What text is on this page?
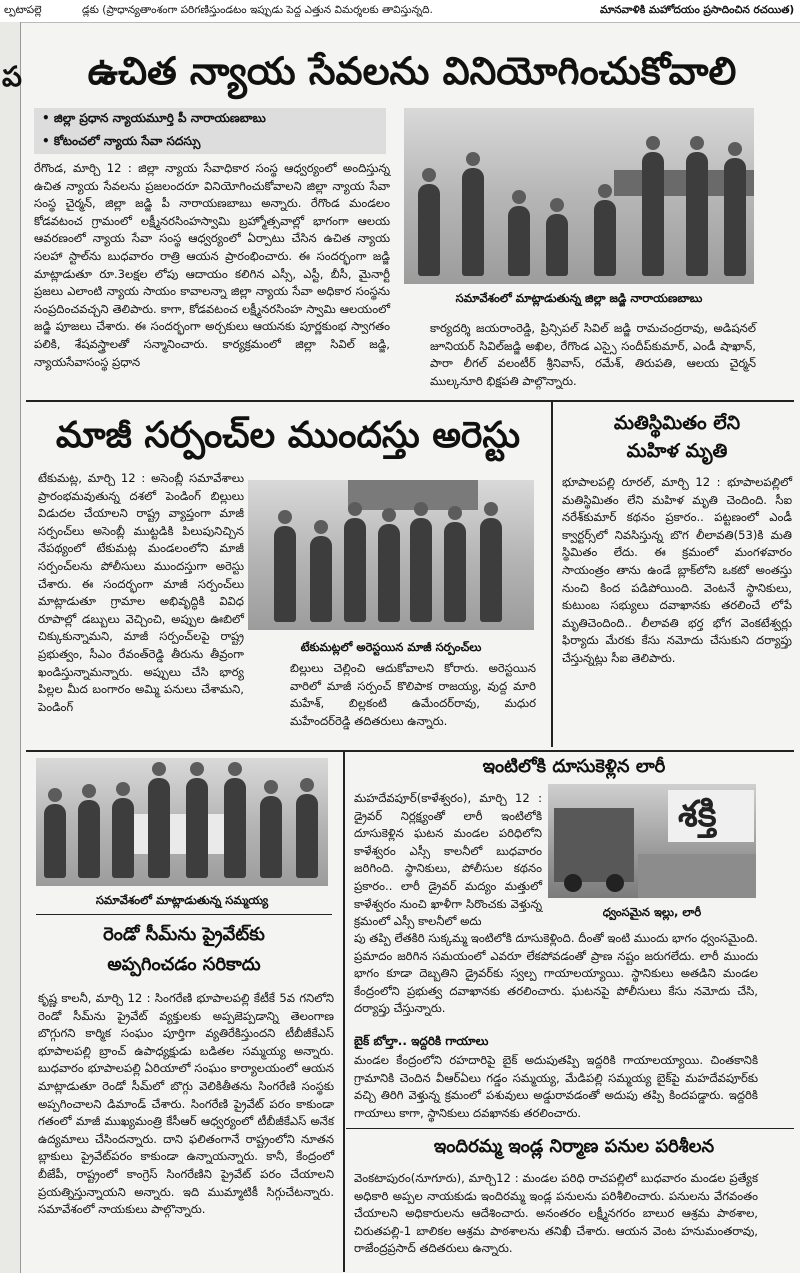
ల్పటాపల్లె	డ్లకు (ప్రాధాన్యతాంశంగా పరిగణిస్తుండటం ఇప్పుడు పెద్ద ఎత్తున విమర్శలకు తావిస్తున్నది.	మానవాళికి మహోదయం ప్రసాదించిన రచయిత)
ప	ఉచిత న్యాయ సేవలను వినియోగించుకోవాలి
• జిల్లా ప్రధాన న్యాయమూర్తి పీ నారాయణబాబు
• కోటంచలో న్యాయ సేవా సదస్సు
రేగొండ, మార్చి 12 : జిల్లా న్యాయ సేవాధికార సంస్థ ఆధ్వర్యంలో అందిస్తున్న ఉచిత న్యాయ సేవలను ప్రజలందరూ వినియోగించుకోవాలని జిల్లా న్యాయ సేవా సంస్థ చైర్మన్, జిల్లా జడ్జి పీ నారాయణబాబు అన్నారు. రేగొండ మండలం కోడవటంచ గ్రామంలో లక్ష్మీనరసింహస్వామి బ్రహ్మోత్సవాల్లో భాగంగా ఆలయ ఆవరణంలో న్యాయ సేవా సంస్థ ఆధ్వర్యంలో ఏర్పాటు చేసిన ఉచిత న్యాయ సలహా స్టాల్‌ను బుధవారం రాత్రి ఆయన ప్రారంభించారు. ఈ సందర్భంగా జడ్జి మాట్లాడుతూ రూ.3లక్షల లోపు ఆదాయం కలిగిన ఎస్సీ, ఎస్టీ, బీసీ, మైనార్టీ ప్రజలు ఎలాంటి న్యాయ సాయం కావాలన్నా జిల్లా న్యాయ సేవా అధికార సంస్థను సంప్రదించవచ్చని తెలిపారు. కాగా, కోడవటంచ లక్ష్మీనరసింహ స్వామి ఆలయంలో జడ్జి పూజలు చేశారు. ఈ సందర్భంగా అర్చకులు ఆయనకు పూర్ణకుంభ స్వాగతం పలికి, శేషవస్త్రాలతో సన్మానించారు. కార్యక్రమంలో జిల్లా సివిల్ జడ్జి, న్యాయసేవాసంస్థ ప్రధాన
సమావేశంలో మాట్లాడుతున్న జిల్లా జడ్జి నారాయణబాబు
కార్యదర్శి జయరాంరెడ్డి, ప్రిన్సిపల్ సివిల్ జడ్జి రామచంద్రరావు, అడిషనల్ జూనియర్ సివిల్‌జడ్జి అఖిల, రేగొండ ఎస్సై సందీప్‌కుమార్, ఎండీ షాఖాన్, పారా లీగల్ వలంటీర్ శ్రీనివాస్, రమేశ్, తిరుపతి, ఆలయ చైర్మన్ ముల్కనూరి భిక్షపతి పాల్గొన్నారు.
మాజీ సర్పంచ్‌ల ముందస్తు అరెస్టు
టేకుమట్ల, మార్చి 12 : అసెంబ్లీ సమావేశాలు ప్రారంభమవుతున్న దశలో పెండింగ్ బిల్లులు విడుదల చేయాలని రాష్ట్ర వ్యాప్తంగా మాజీ సర్పంచ్‌లు అసెంబ్లీ ముట్టడికి పిలుపునిచ్చిన నేపథ్యంలో టేకుమట్ల మండలంలోని మాజీ సర్పంచ్‌లను పోలీసులు ముందస్తుగా అరెస్టు చేశారు. ఈ సందర్భంగా మాజీ సర్పంచ్‌లు మాట్లాడుతూ గ్రామాల అభివృద్ధికి వివిధ రూపాల్లో డబ్బులు వెచ్చించి, అప్పుల ఊబిలో చిక్కుకున్నామని, మాజీ సర్పంచ్‌లపై రాష్ట్ర ప్రభుత్వం, సీఎం రేవంత్‌రెడ్డి తీరును తీవ్రంగా ఖండిస్తున్నామన్నారు. అప్పులు చేసి భార్య పిల్లల మీద బంగారం అమ్మి పనులు చేశామని, పెండింగ్
టేకుమట్లలో అరెస్టయిన మాజీ సర్పంచ్‌లు
బిల్లులు చెల్లించి ఆదుకోవాలని కోరారు. అరెస్టయిన వారిలో మాజీ సర్పంచ్ కొలిపాక రాజయ్య, వుద్ద మారి మహేశ్, బిల్లకంటి ఉమేందర్‌రావు, మధుర మహేందర్‌రెడ్డి తదితరులు ఉన్నారు.
మతిస్థిమితం లేని
మహిళ మృతి
భూపాలపల్లి రూరల్, మార్చి 12 : భూపాలపల్లిలో మతిస్థిమితం లేని మహిళ మృతి చెందింది. సీఐ నరేశ్‌కుమార్ కథనం ప్రకారం.. పట్టణంలో ఎండీ క్వార్టర్స్‌లో నివసిస్తున్న బొగ లీలావతి(53)కి మతి స్థిమితం లేదు. ఈ క్రమంలో మంగళవారం సాయంత్రం తాను ఉండే బ్లాక్‌లోని ఒకటో అంతస్తు నుంచి కింద పడిపోయింది. వెంటనే స్థానికులు, కుటుంబ సభ్యులు దవాఖానకు తరలించే లోపే మృతిచెందింది.. లీలావతి భర్త భోగ వెంకటేశ్వర్లు ఫిర్యాదు మేరకు కేసు నమోదు చేసుకుని దర్యాప్తు చేస్తున్నట్లు సీఐ తెలిపారు.
సమావేశంలో మాట్లాడుతున్న సమ్మయ్య
రెండో సీమ్‌ను ప్రైవేట్‌కు
అప్పగించడం సరికాదు
కృష్ణ కాలనీ, మార్చి 12 : సింగరేణి భూపాలపల్లి కేటీకే 5వ గనిలోని రెండో సీమ్‌ను ప్రైవేట్ వ్యక్తులకు అప్పజెప్పడాన్ని తెలంగాణ బొగ్గుగని కార్మిక సంఘం పూర్తిగా వ్యతిరేకిస్తుందని టీబీజీకేఎస్ భూపాలపల్లి బ్రాంచ్ ఉపాధ్యక్షుడు బడితల సమ్మయ్య అన్నారు. బుధవారం భూపాలపల్లి ఏరియాలో సంఘం కార్యాలయంలో ఆయన మాట్లాడుతూ రెండో సీమ్‌లో బొగ్గు వెలికితీతను సింగరేణి సంస్థకు అప్పగించాలని డిమాండ్ చేశారు. సింగరేణి ప్రైవేట్ పరం కాకుండా గతంలో మాజీ ముఖ్యమంత్రి కేసీఆర్ ఆధ్వర్యంలో టీబీజీకేఎస్ అనేక ఉద్యమాలు చేసిందన్నారు. దాని ఫలితంగానే రాష్ట్రంలోని నూతన బ్లాకులు ప్రైవేట్‌పరం కాకుండా ఉన్నాయన్నారు. కానీ, కేంద్రంలో బీజేపీ, రాష్ట్రంలో కాంగ్రెస్ సింగరేణిని ప్రైవేట్ పరం చేయాలని ప్రయత్నిస్తున్నాయని అన్నారు. ఇది ముమ్మాటికీ సిగ్గుచేటన్నారు. సమావేశంలో నాయకులు పాల్గొన్నారు.
ఇంటిలోకి దూసుకెళ్లిన లారీ
మహదేవపూర్(కాళేశ్వరం), మార్చి 12 : డ్రైవర్ నిర్లక్ష్యంతో లారీ ఇంటిలోకి దూసుకెళ్లిన ఘటన మండల పరిధిలోని కాళేశ్వరం ఎస్సీ కాలనీలో బుధవారం జరిగింది. స్థానికులు, పోలీసుల కథనం ప్రకారం.. లారీ డ్రైవర్ మద్యం మత్తులో కాళేశ్వరం నుంచి ఖాళీగా సిరొంచకు వెళ్తున్న క్రమంలో ఎస్సీ కాలనీలో అదు
శక్తి
ధ్వంసమైన ఇల్లు, లారీ
పు తప్పి లేతకిరి సుక్కమ్మ ఇంటిలోకి దూసుకెళ్లింది. దీంతో ఇంటి ముందు భాగం ధ్వంసమైంది. ప్రమాదం జరిగిన సమయంలో ఎవరూ లేకపోవడంతో ప్రాణ నష్టం జరుగలేదు. లారీ ముందు భాగం కూడా దెబ్బతిని డ్రైవర్‌కు స్వల్ప గాయాలయ్యాయి. స్థానికులు అతడిని మండల కేంద్రంలోని ప్రభుత్వ దవాఖానకు తరలించారు. ఘటనపై పోలీసులు కేసు నమోదు చేసి, దర్యాప్తు చేస్తున్నారు.
బైక్ బోల్తా.. ఇద్దరికి గాయాలు
మండల కేంద్రంలోని రహదారిపై బైక్ అదుపుతప్పి ఇద్దరికి గాయాలయ్యాయి. చింతకానికి గ్రామానికి చెందిన వీఆర్‌ఏలు గడ్డం సమ్మయ్య, మేడిపల్లి సమ్మయ్య బైక్‌పై మహదేవపూర్‌కు వచ్చి తిరిగి వెళ్తున్న క్రమంలో పశువులు అడ్డురావడంతో అదుపు తప్పి కిందపడ్డారు. ఇద్దరికి గాయాలు కాగా, స్థానికులు దవఖానకు తరలించారు.
ఇందిరమ్మ ఇండ్ల నిర్మాణ పనుల పరిశీలన
వెంకటాపురం(నూగూరు), మార్చి12 : మండల పరిధి రాచపల్లిలో బుధవారం మండల ప్రత్యేక అధికారి అప్పల నాయకుడు ఇందిరమ్మ ఇండ్ల పనులను పరిశీలించారు. పనులను వేగవంతం చేయాలని అధికారులను ఆదేశించారు. అనంతరం లక్ష్మీనగరం బాలుర ఆశ్రమ పాఠశాల, చిరుతపల్లి-1 బాలికల ఆశ్రమ పాఠశాలను తనిఖీ చేశారు. ఆయన వెంట హనుమంతరావు, రాజేంద్రప్రసాద్ తదితరులు ఉన్నారు.
